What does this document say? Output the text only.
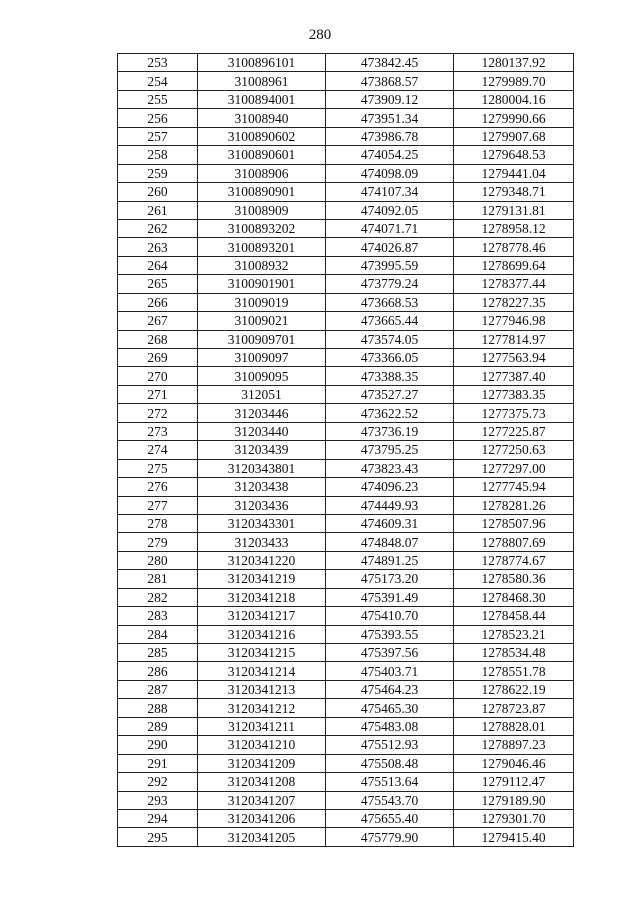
280
253	3100896101	473842.45	1280137.92
254	31008961	473868.57	1279989.70
255	3100894001	473909.12	1280004.16
256	31008940	473951.34	1279990.66
257	3100890602	473986.78	1279907.68
258	3100890601	474054.25	1279648.53
259	31008906	474098.09	1279441.04
260	3100890901	474107.34	1279348.71
261	31008909	474092.05	1279131.81
262	3100893202	474071.71	1278958.12
263	3100893201	474026.87	1278778.46
264	31008932	473995.59	1278699.64
265	3100901901	473779.24	1278377.44
266	31009019	473668.53	1278227.35
267	31009021	473665.44	1277946.98
268	3100909701	473574.05	1277814.97
269	31009097	473366.05	1277563.94
270	31009095	473388.35	1277387.40
271	312051	473527.27	1277383.35
272	31203446	473622.52	1277375.73
273	31203440	473736.19	1277225.87
274	31203439	473795.25	1277250.63
275	3120343801	473823.43	1277297.00
276	31203438	474096.23	1277745.94
277	31203436	474449.93	1278281.26
278	3120343301	474609.31	1278507.96
279	31203433	474848.07	1278807.69
280	3120341220	474891.25	1278774.67
281	3120341219	475173.20	1278580.36
282	3120341218	475391.49	1278468.30
283	3120341217	475410.70	1278458.44
284	3120341216	475393.55	1278523.21
285	3120341215	475397.56	1278534.48
286	3120341214	475403.71	1278551.78
287	3120341213	475464.23	1278622.19
288	3120341212	475465.30	1278723.87
289	3120341211	475483.08	1278828.01
290	3120341210	475512.93	1278897.23
291	3120341209	475508.48	1279046.46
292	3120341208	475513.64	1279112.47
293	3120341207	475543.70	1279189.90
294	3120341206	475655.40	1279301.70
295	3120341205	475779.90	1279415.40
